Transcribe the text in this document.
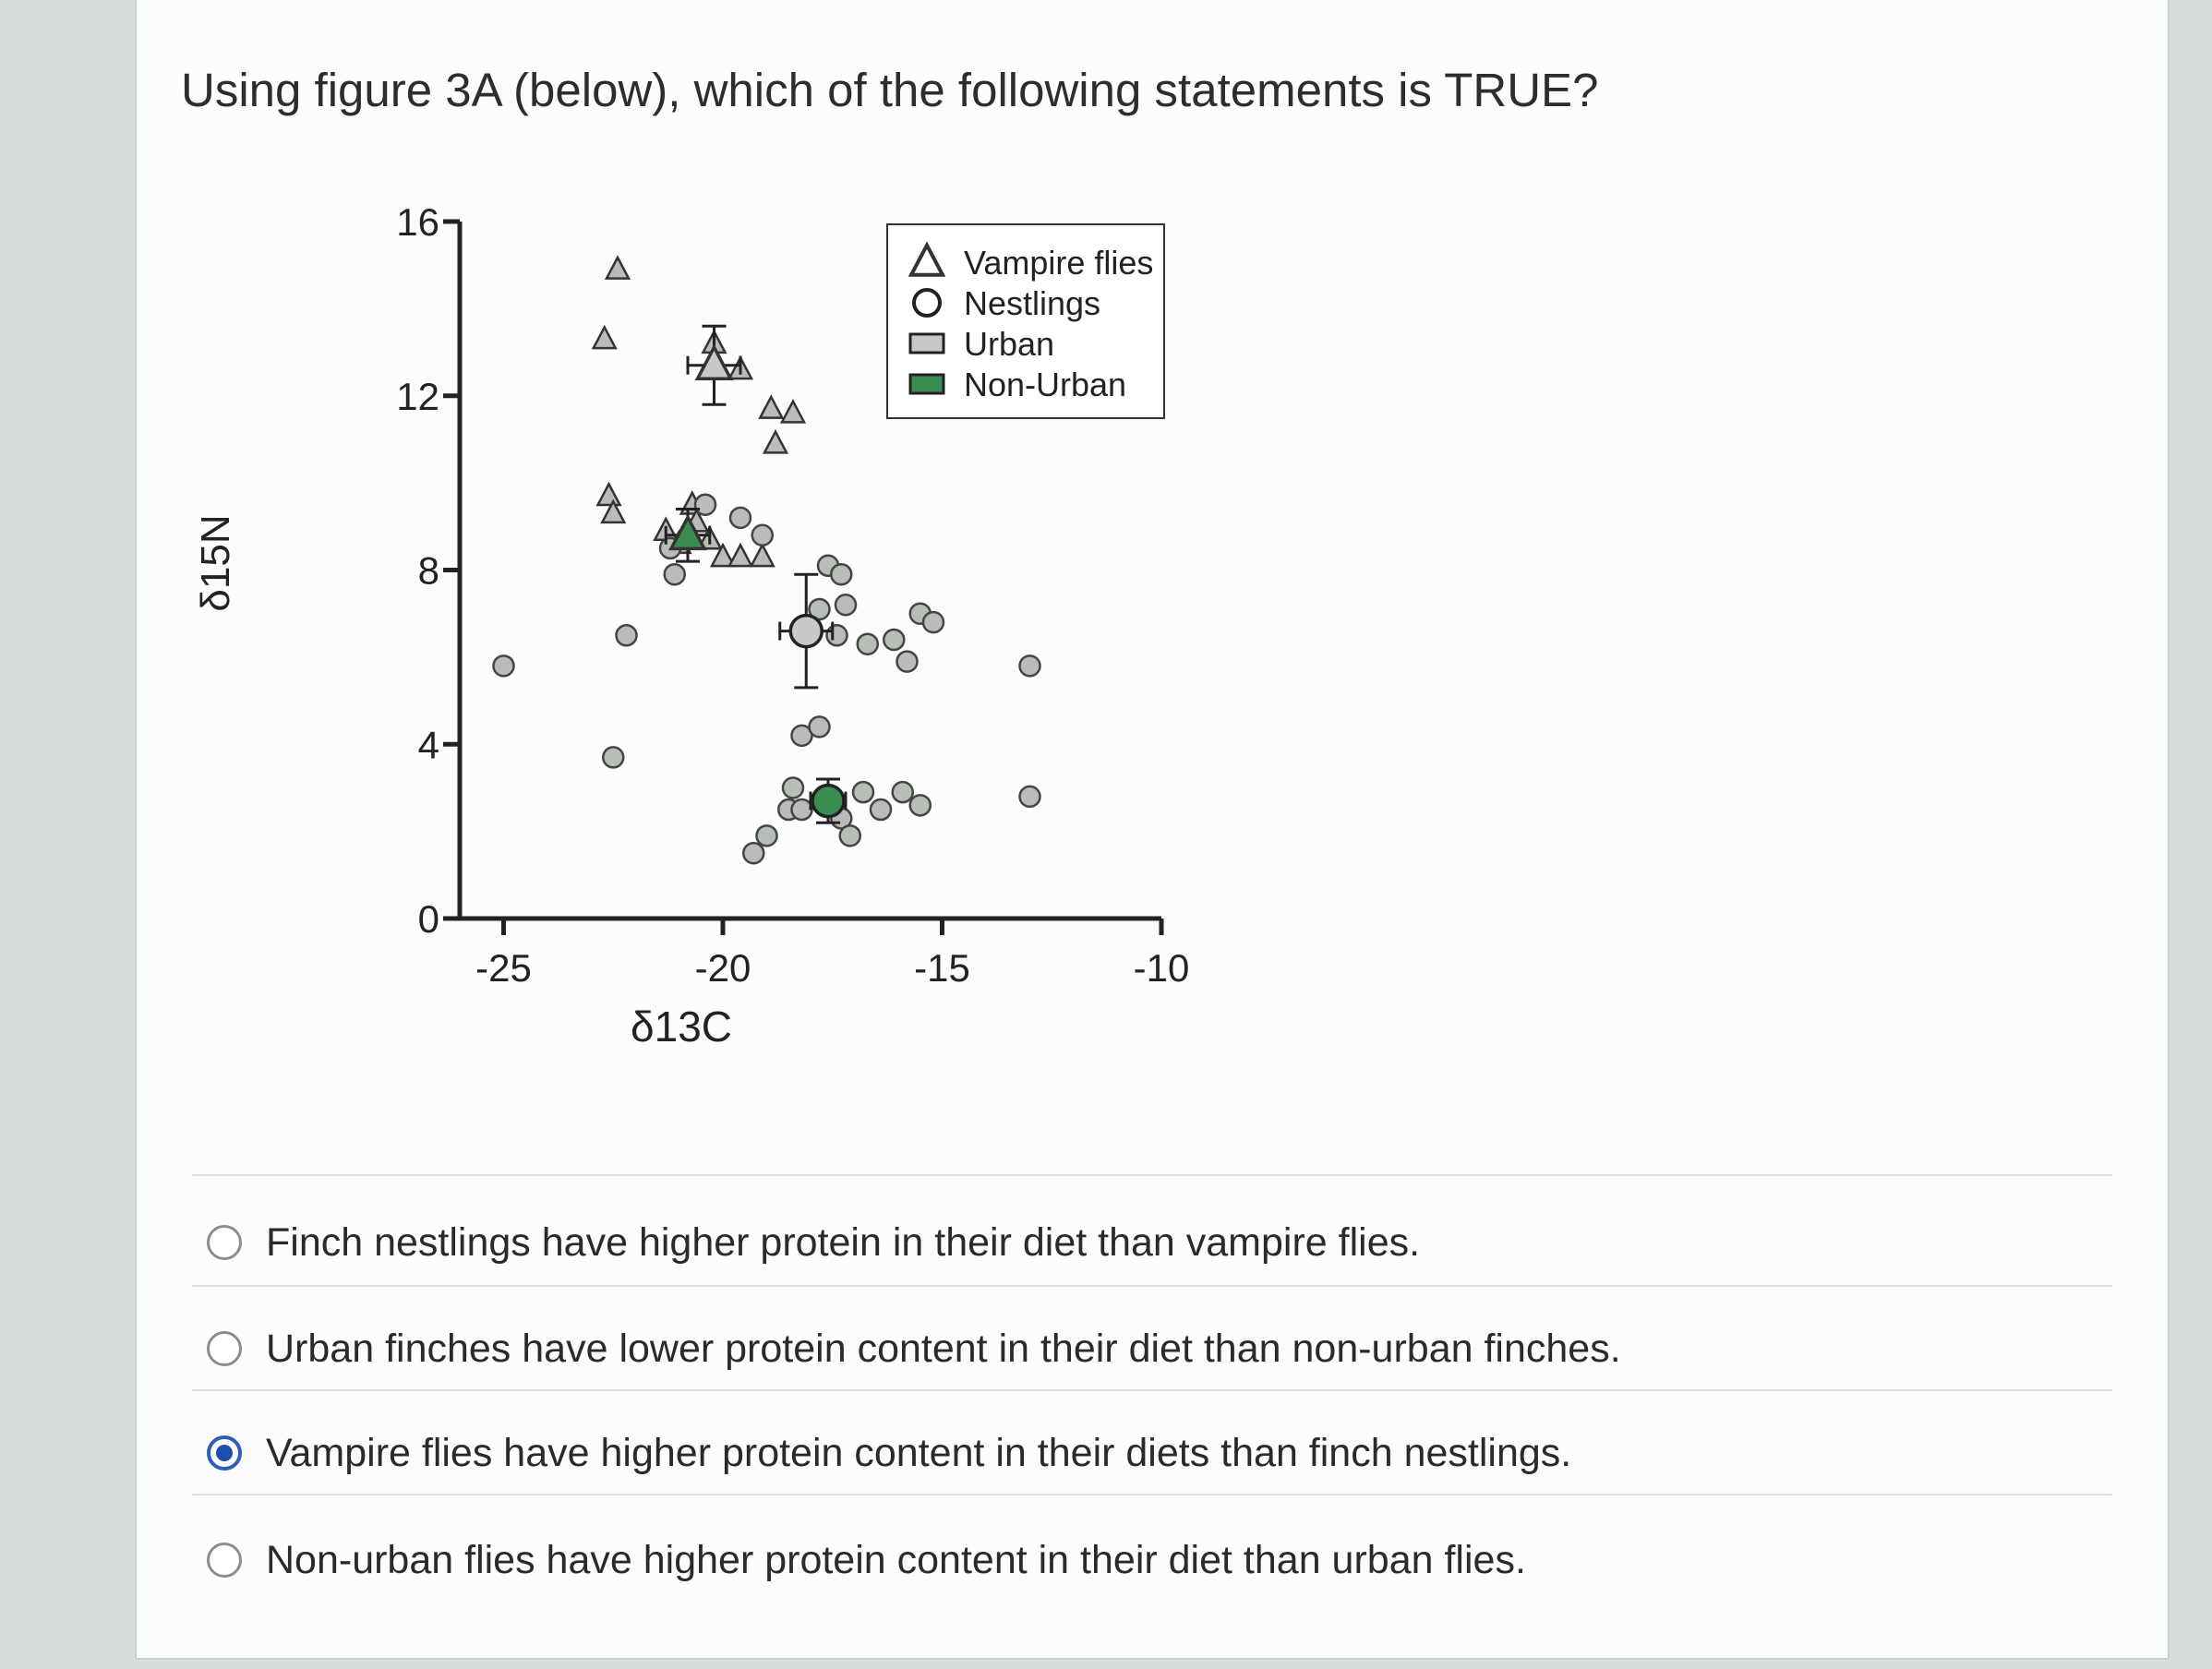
Using figure 3A (below), which of the following statements is TRUE?
-25	-20	-15	-10
0
4
8
12
16
δ13C
δ15N
Vampire flies
Nestlings
Urban
Non-Urban
Finch nestlings have higher protein in their diet than vampire flies.
Urban finches have lower protein content in their diet than non-urban finches.
Vampire flies have higher protein content in their diets than finch nestlings.
Non-urban flies have higher protein content in their diet than urban flies.
